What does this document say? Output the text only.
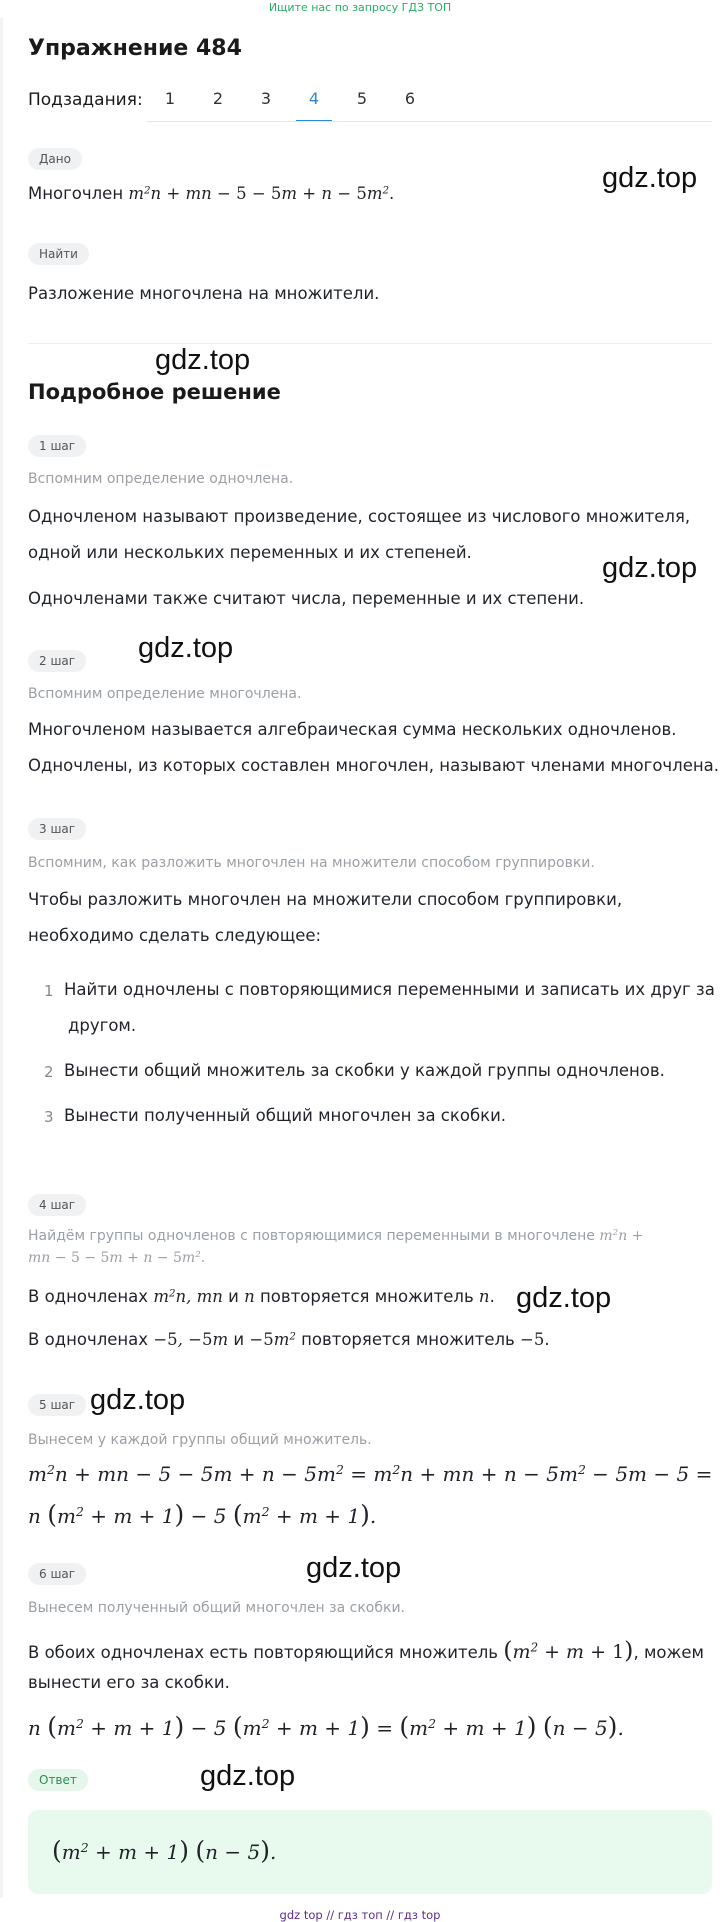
Ищите нас по запросу ГДЗ ТОП
Упражнение 484
Подзадания:	1	2	3	4	5	6
Дано
Многочлен $m^2n$ + mn − $5 - 5m + n - 5m^2$.	gdz.top
Найти
Разложение многочлена на множители.
gdz.top
Подробное решение
1 шаг
Вспомним определение одночлена.
Одночленом называют произведение, состоящее из числового множителя,
одной или нескольких переменных и их степеней.
Одночленами также считают числа, переменные и их степени.
gdz.top
2 шаг	gdz.top
Вспомним определение многочлена.
Многочленом называется алгебраическая сумма нескольких одночленов.
Одночлены, из которых составлен многочлен, называют членами многочлена.
3 шаг
Вспомним, как разложить многочлен на множители способом группировки.
Чтобы разложить многочлен на множители способом группировки,
необходимо сделать следующее:
1 Найти одночлены с повторяющимися переменными и записать их друг за
другом.
2 Вынести общий множитель за скобки у каждой группы одночленов.
3 Вынести полученный общий многочлен за скобки.
4 шаг
Найдём группы одночленов с повторяющимися переменными в многочлене $m^2n$ +
mn − $5 - 5m + n - 5m^2$.
В одночленах $m^2n$, mn и n повторяется множитель n. gdz.top
В одночленах −5, −5m $и -5m^2$ повторяется множитель −5.
5 шаг gdz.top
Вынесем у каждой группы общий множитель.
$m^2n$ + mn − $5 - 5m + n - 5m^2 = m^2n$ + mn + $n - 5m^2 - 5m - 5$ =
n $(m^2 + m + 1) - 5$ $(m^2 + m + 1)$.
6 шаг	gdz.top
Вынесем полученный общий многочлен за скобки.
В обоих одночленах есть повторяющийся множитель $(m^2 + m + 1)$, можем
вынести его за скобки.
n $(m^2 + m + 1) - 5$ $(m^2 + m + 1) = (m^2 + m + 1) (n - 5)$.
Ответ	gdz.top
$(m^2 + m + 1) (n - 5)$.
gdz top // гдз топ // гдз top
